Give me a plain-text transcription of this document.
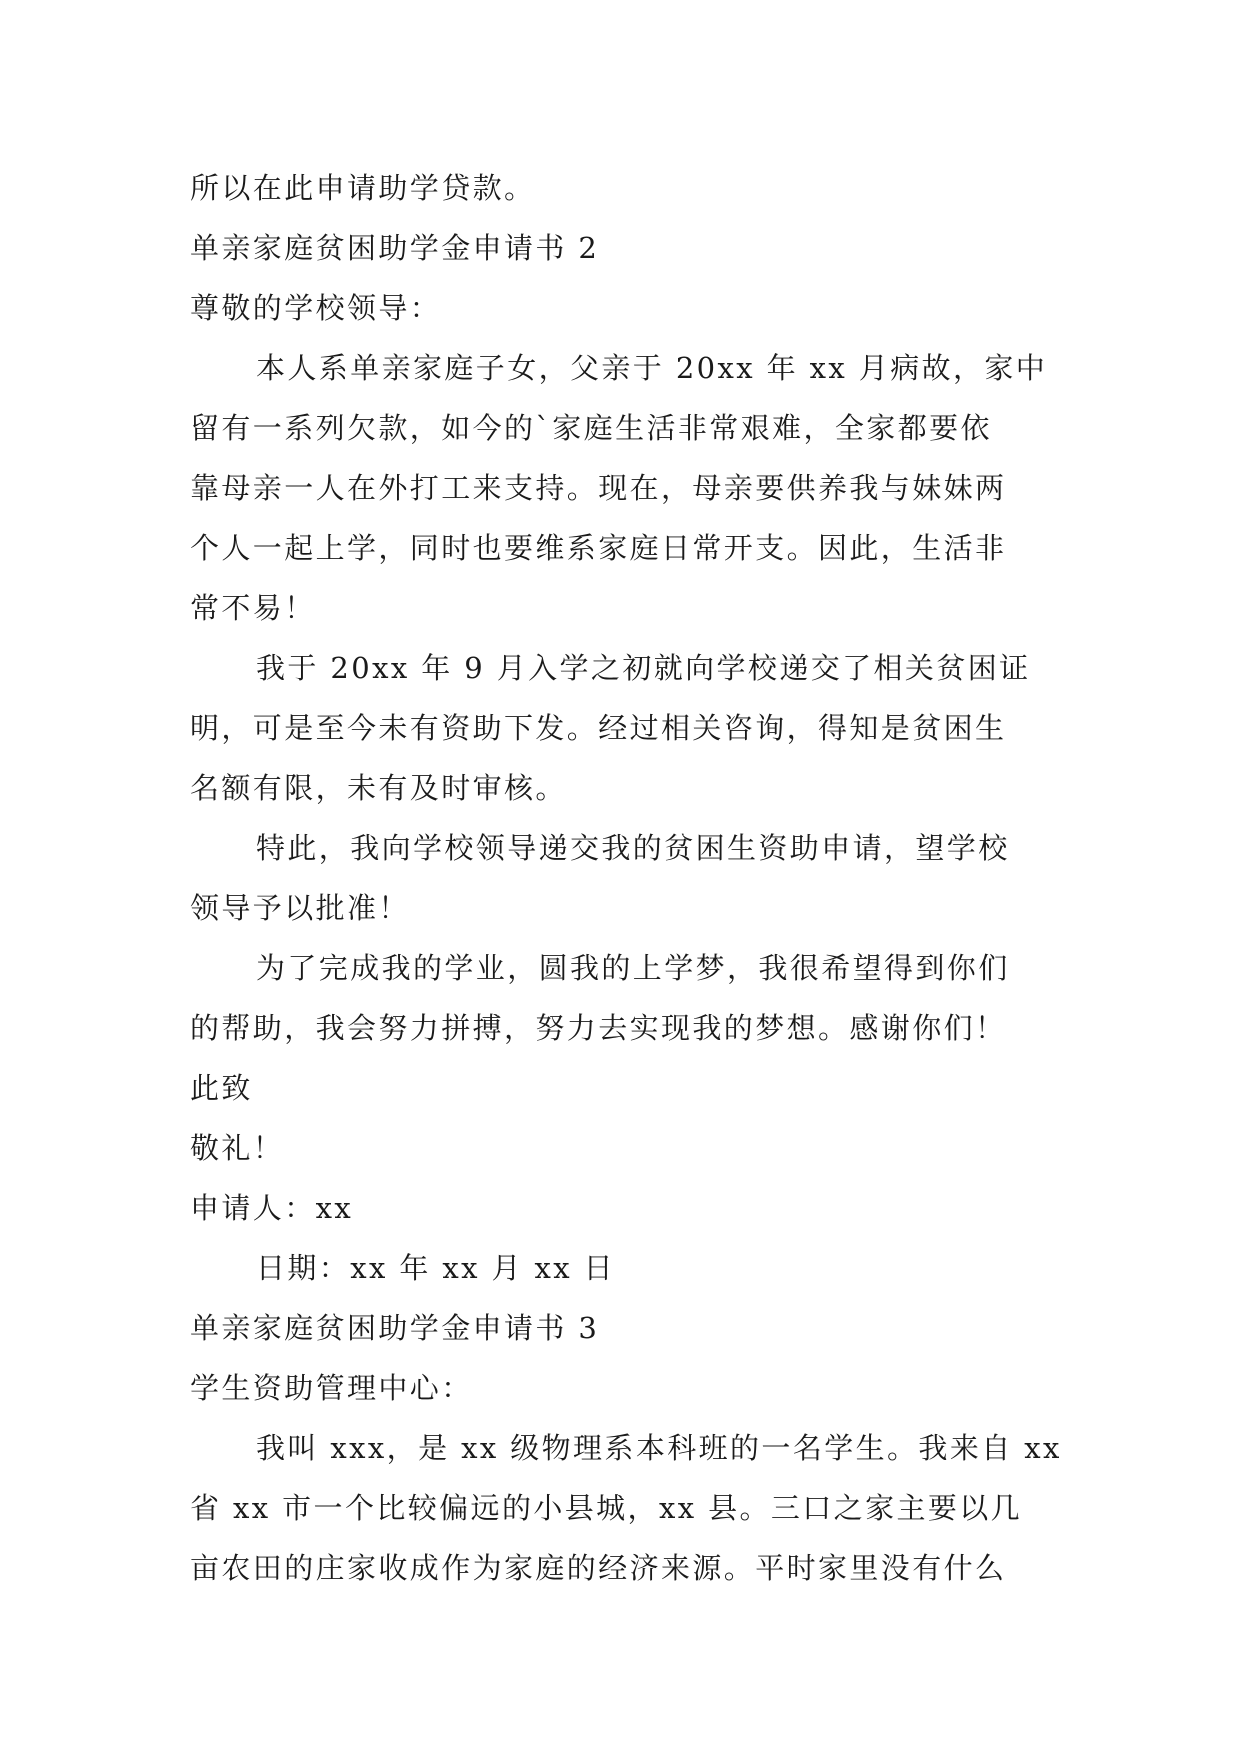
所以在此申请助学贷款。
单亲家庭贫困助学金申请书 2
尊敬的学校领导：
本人系单亲家庭子女，父亲于 20xx 年 xx 月病故，家中
留有一系列欠款，如今的`家庭生活非常艰难，全家都要依
靠母亲一人在外打工来支持。现在，母亲要供养我与妹妹两
个人一起上学，同时也要维系家庭日常开支。因此，生活非
常不易！
我于 20xx 年 9 月入学之初就向学校递交了相关贫困证
明，可是至今未有资助下发。经过相关咨询，得知是贫困生
名额有限，未有及时审核。
特此，我向学校领导递交我的贫困生资助申请，望学校
领导予以批准！
为了完成我的学业，圆我的上学梦，我很希望得到你们
的帮助，我会努力拼搏，努力去实现我的梦想。感谢你们！
此致
敬礼！
申请人：xx
日期：xx 年 xx 月 xx 日
单亲家庭贫困助学金申请书 3
学生资助管理中心：
我叫 xxx，是 xx 级物理系本科班的一名学生。我来自 xx
省 xx 市一个比较偏远的小县城，xx 县。三口之家主要以几
亩农田的庄家收成作为家庭的经济来源。平时家里没有什么
